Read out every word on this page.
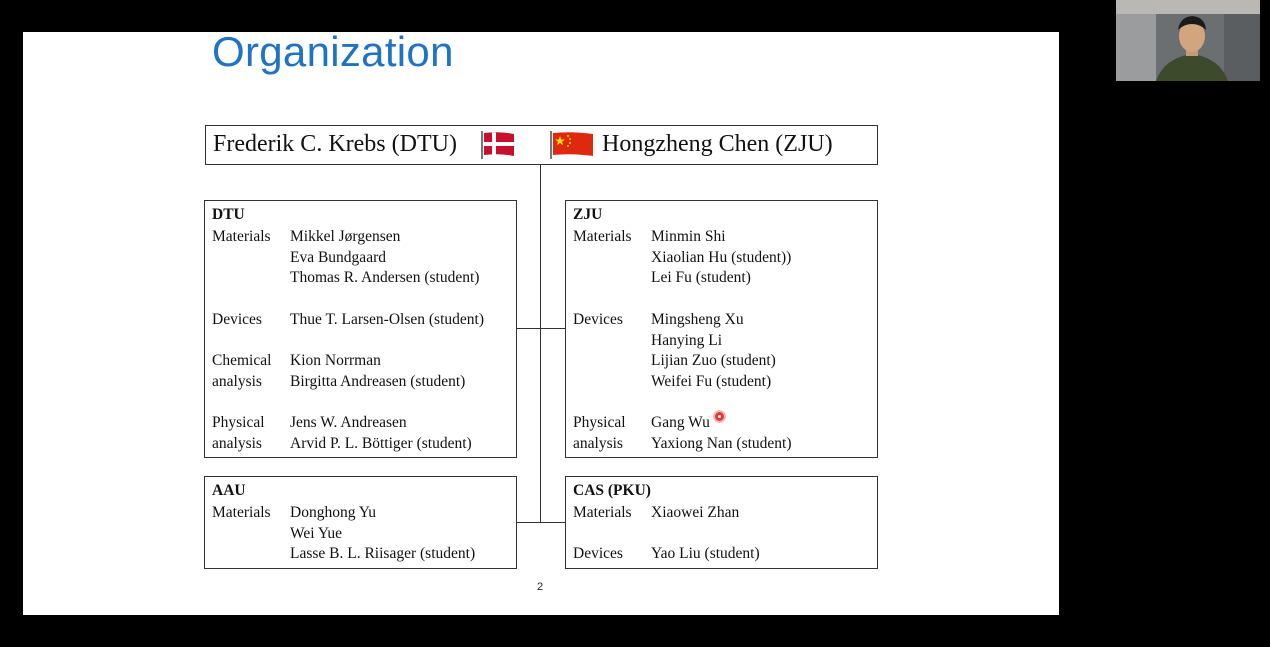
Organization
Frederik C. Krebs (DTU)	Hongzheng Chen (ZJU)
DTU
Materials Mikkel Jørgensen
Eva Bundgaard
Thomas R. Andersen (student)
Devices Thue T. Larsen-Olsen (student)
Chemical Kion Norrman
analysis Birgitta Andreasen (student)
Physical Jens W. Andreasen
analysis Arvid P. L. Böttiger (student)
ZJU
Materials Minmin Shi
Xiaolian Hu (student))
Lei Fu (student)
Devices Mingsheng Xu
Hanying Li
Lijian Zuo (student)
Weifei Fu (student)
Physical Gang Wu
analysis Yaxiong Nan (student)
AAU
Materials Donghong Yu
Wei Yue
Lasse B. L. Riisager (student)
CAS (PKU)
Materials Xiaowei Zhan
Devices Yao Liu (student)
2
